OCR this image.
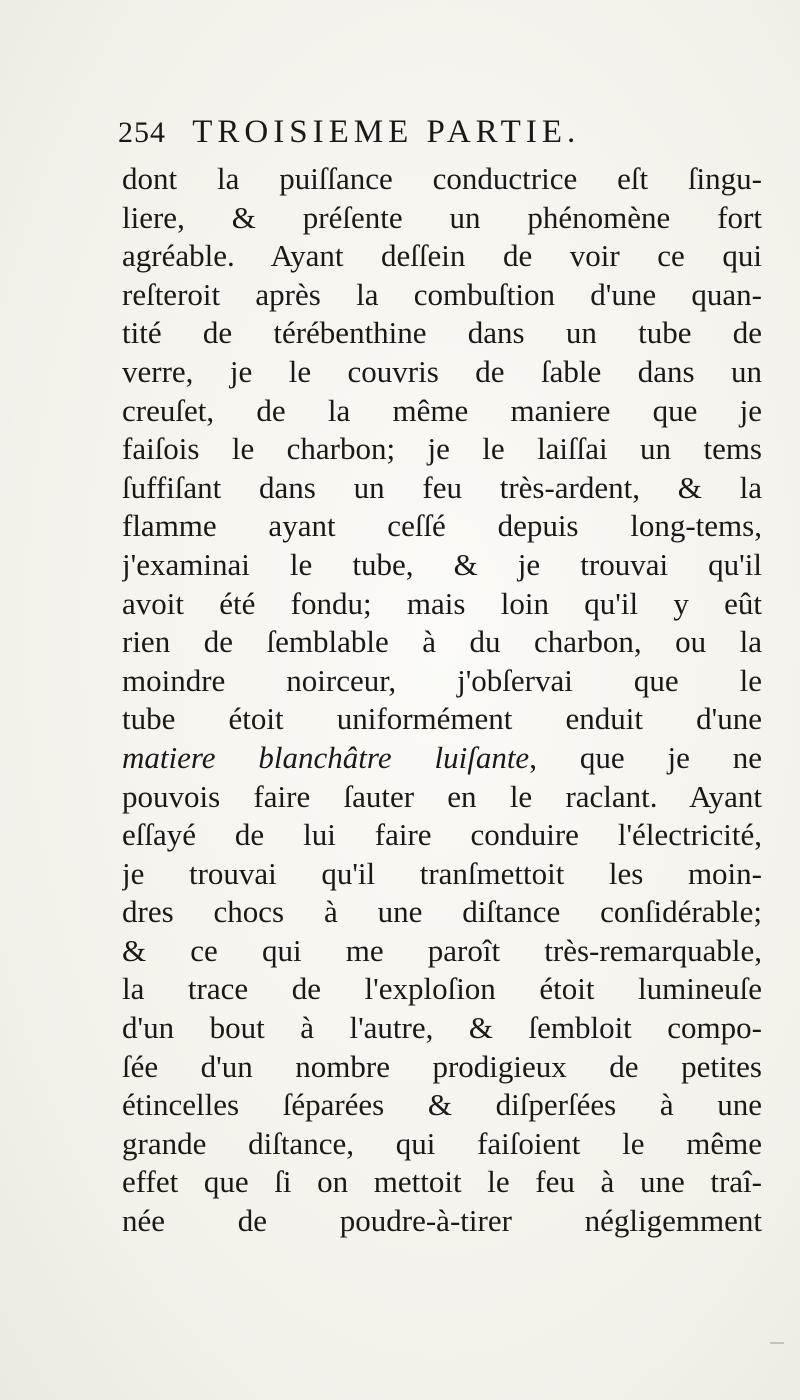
254 TROISIEME PARTIE.
dont la puiſſance conductrice eſt ſingu-
liere, & préſente un phénomène fort
agréable. Ayant deſſein de voir ce qui
reſteroit après la combuſtion d'une quan-
tité de térébenthine dans un tube de
verre, je le couvris de ſable dans un
creuſet, de la même maniere que je
faiſois le charbon; je le laiſſai un tems
ſuffiſant dans un feu très-ardent, & la
flamme ayant ceſſé depuis long-tems,
j'examinai le tube, & je trouvai qu'il
avoit été fondu; mais loin qu'il y eût
rien de ſemblable à du charbon, ou la
moindre noirceur, j'obſervai que le
tube étoit uniformément enduit d'une
matiere blanchâtre luiſante, que je ne
pouvois faire ſauter en le raclant. Ayant
eſſayé de lui faire conduire l'électricité,
je trouvai qu'il tranſmettoit les moin-
dres chocs à une diſtance conſidérable;
& ce qui me paroît très-remarquable,
la trace de l'exploſion étoit lumineuſe
d'un bout à l'autre, & ſembloit compo-
ſée d'un nombre prodigieux de petites
étincelles ſéparées & diſperſées à une
grande diſtance, qui faiſoient le même
effet que ſi on mettoit le feu à une traî-
née de poudre-à-tirer négligemment
